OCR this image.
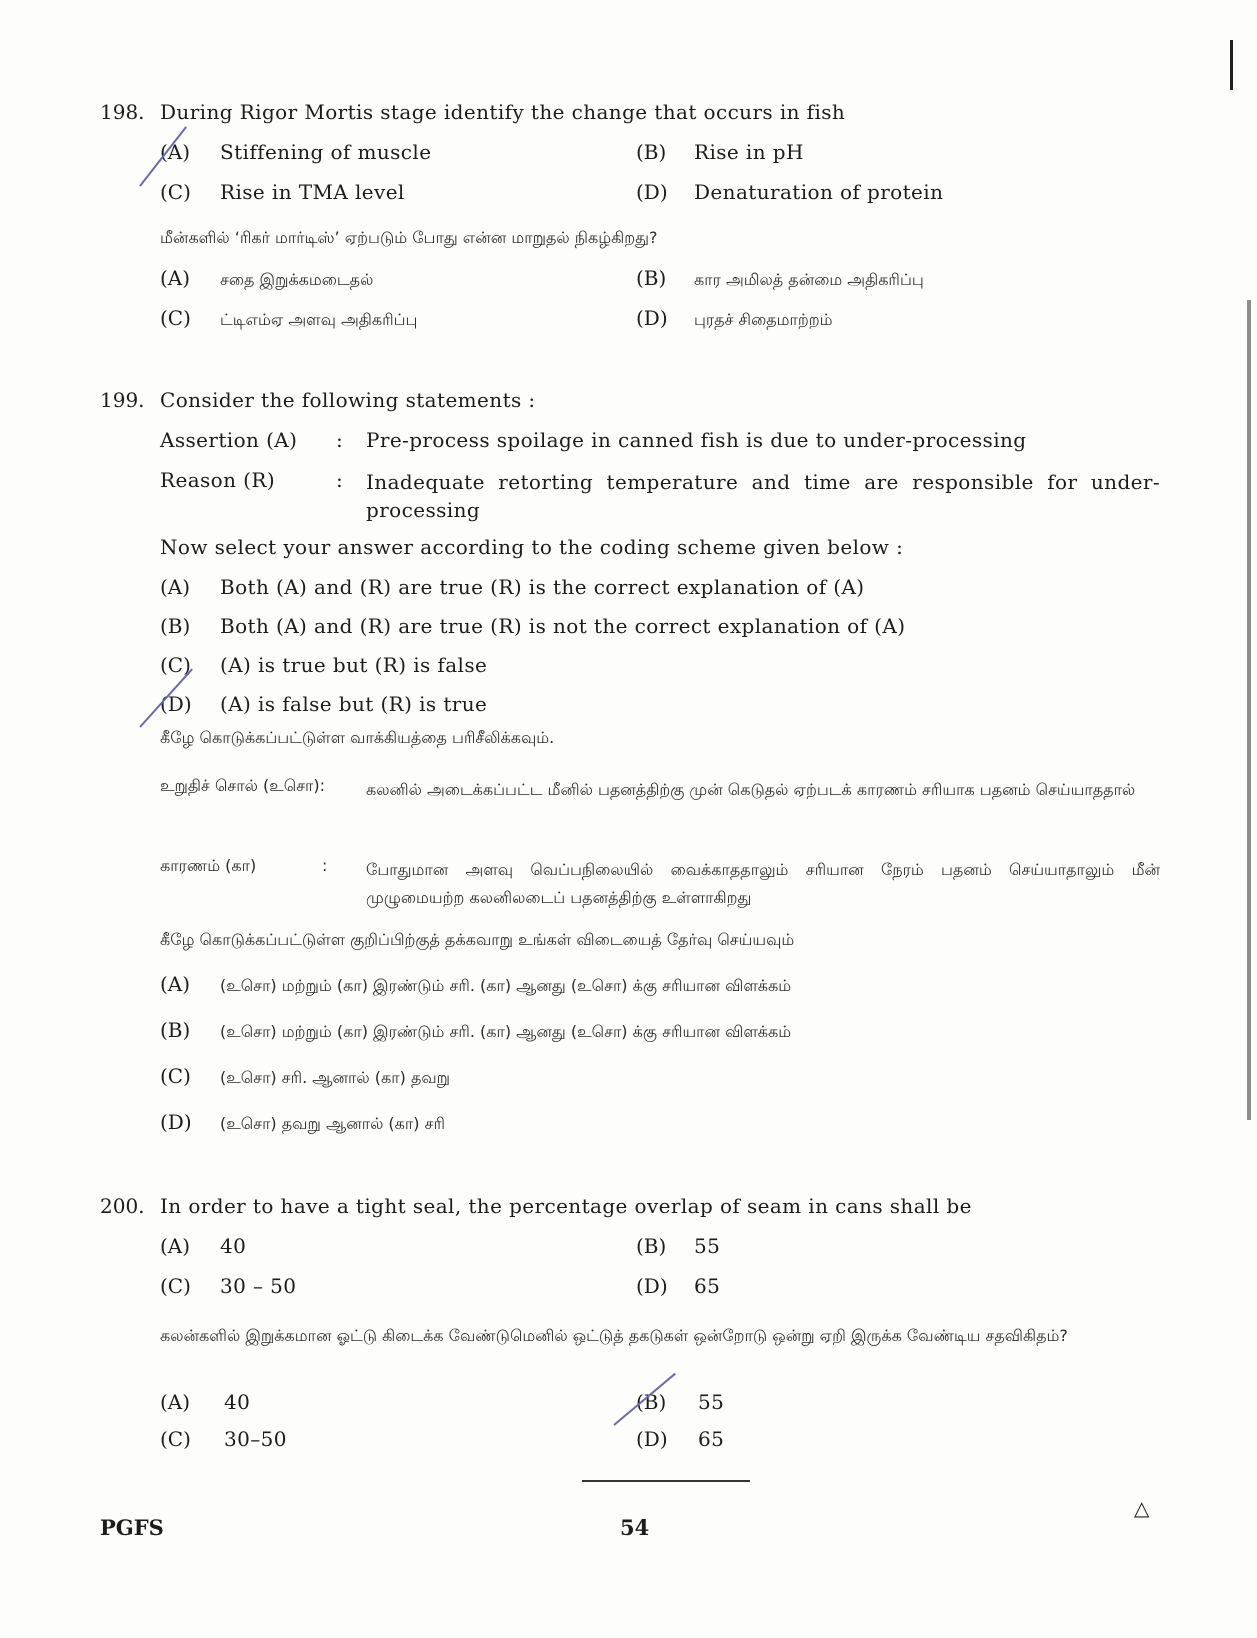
198. During Rigor Mortis stage identify the change that occurs in fish
(A) Stiffening of muscle	(B) Rise in pH
(C) Rise in TMA level	(D) Denaturation of protein
மீன்களில் ‘ரிகர் மார்டிஸ்’ ஏற்படும் போது என்ன மாறுதல் நிகழ்கிறது?
(A) சதை இறுக்கமடைதல்	(B) கார அமிலத் தன்மை அதிகரிப்பு
(C) ட்டிஎம்ஏ அளவு அதிகரிப்பு	(D) புரதச் சிதைமாற்றம்
199. Consider the following statements :
Assertion (A) : Pre-process spoilage in canned fish is due to under-processing
Reason (R)	: Inadequate retorting temperature and time are responsible for under-processing
Now select your answer according to the coding scheme given below :
(A) Both (A) and (R) are true (R) is the correct explanation of (A)
(B) Both (A) and (R) are true (R) is not the correct explanation of (A)
(C) (A) is true but (R) is false
(D) (A) is false but (R) is true
கீழே கொடுக்கப்பட்டுள்ள வாக்கியத்தை பரிசீலிக்கவும்.
உறுதிச் சொல் (உசொ):	கலனில் அடைக்கப்பட்ட மீனில் பதனத்திற்கு முன் கெடுதல் ஏற்படக் காரணம் சரியாக பதனம் செய்யாததால்
காரணம் (கா)	: போதுமான அளவு வெப்பநிலையில் வைக்காததாலும் சரியான நேரம் பதனம் செய்யாதாலும் மீன் முழுமையற்ற கலனிலடைப் பதனத்திற்கு உள்ளாகிறது
கீழே கொடுக்கப்பட்டுள்ள குறிப்பிற்குத் தக்கவாறு உங்கள் விடையைத் தேர்வு செய்யவும்
(A) (உசொ) மற்றும் (கா) இரண்டும் சரி. (கா) ஆனது (உசொ) க்கு சரியான விளக்கம்
(B) (உசொ) மற்றும் (கா) இரண்டும் சரி. (கா) ஆனது (உசொ) க்கு சரியான விளக்கம்
(C) (உசொ) சரி. ஆனால் (கா) தவறு
(D) (உசொ) தவறு ஆனால் (கா) சரி
200. In order to have a tight seal, the percentage overlap of seam in cans shall be
(A) 40	(B) 55
(C) 30 – 50	(D) 65
கலன்களில் இறுக்கமான ஓட்டு கிடைக்க வேண்டுமெனில் ஒட்டுத் தகடுகள் ஒன்றோடு ஒன்று ஏறி இருக்க வேண்டிய சதவிகிதம்?
(A) 40	(B) 55
(C) 30–50	(D) 65
PGFS	54
△
